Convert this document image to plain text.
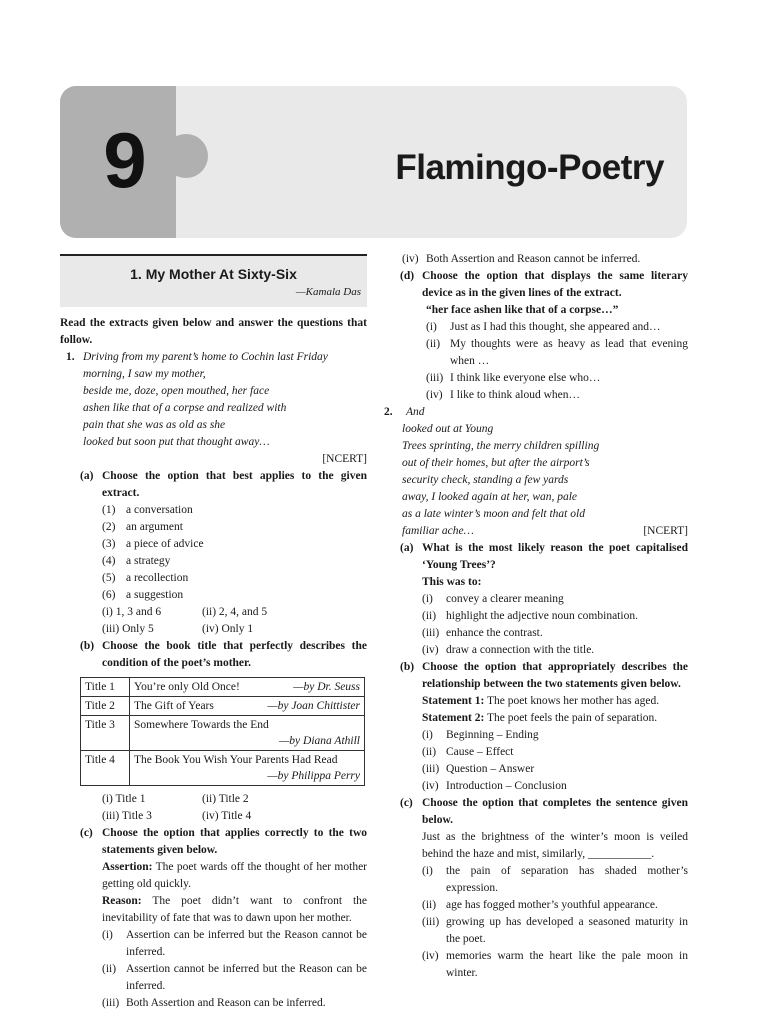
9	Flamingo-Poetry
1. My Mother At Sixty-Six
—Kamala Das
Read the extracts given below and answer the questions that follow.
1. Driving from my parent’s home to Cochin last Friday
morning, I saw my mother,
beside me, doze, open mouthed, her face
ashen like that of a corpse and realized with
pain that she was as old as she
looked but soon put that thought away…
[NCERT]
(a) Choose the option that best applies to the given extract.
(1) a conversation
(2) an argument
(3) a piece of advice
(4) a strategy
(5) a recollection
(6) a suggestion
(i) 1, 3 and 6	(ii) 2, 4, and 5
(iii) Only 5	(iv) Only 1
(b) Choose the book title that perfectly describes the condition of the poet’s mother.
Title 1	You’re only Old Once! —by Dr. Seuss

Title 2	The Gift of Years —by Joan Chittister

Title 3	Somewhere Towards the End
—by Diana Athill

Title 4	The Book You Wish Your Parents Had Read
—by Philippa Perry
(i) Title 1	(ii) Title 2
(iii) Title 3	(iv) Title 4
(c) Choose the option that applies correctly to the two statements given below.
Assertion: The poet wards off the thought of her mother getting old quickly.
Reason: The poet didn’t want to confront the inevitability of fate that was to dawn upon her mother.
(i)	Assertion can be inferred but the Reason cannot be inferred.
(ii) Assertion cannot be inferred but the Reason can be inferred.
(iii) Both Assertion and Reason can be inferred.
(iv) Both Assertion and Reason cannot be inferred.
(d) Choose the option that displays the same literary device as in the given lines of the extract.
“her face ashen like that of a corpse…”
(i)	Just as I had this thought, she appeared and…
(ii) My thoughts were as heavy as lead that evening when …
(iii) I think like everyone else who…
(iv) I like to think aloud when…
2.	And
looked out at Young
Trees sprinting, the merry children spilling
out of their homes, but after the airport’s
security check, standing a few yards
away, I looked again at her, wan, pale
as a late winter’s moon and felt that old
familiar ache…	[NCERT]
(a) What is the most likely reason the poet capitalised ‘Young Trees’?
This was to:
(i)	convey a clearer meaning
(ii) highlight the adjective noun combination.
(iii) enhance the contrast.
(iv) draw a connection with the title.
(b) Choose the option that appropriately describes the relationship between the two statements given below.
Statement 1: The poet knows her mother has aged.
Statement 2: The poet feels the pain of separation.
(i)	Beginning – Ending
(ii) Cause – Effect
(iii) Question – Answer
(iv) Introduction – Conclusion
(c) Choose the option that completes the sentence given below.
Just as the brightness of the winter’s moon is veiled behind the haze and mist, similarly, ___________.
(i)	the pain of separation has shaded mother’s expression.
(ii) age has fogged mother’s youthful appearance.
(iii) growing up has developed a seasoned maturity in the poet.
(iv) memories warm the heart like the pale moon in winter.
